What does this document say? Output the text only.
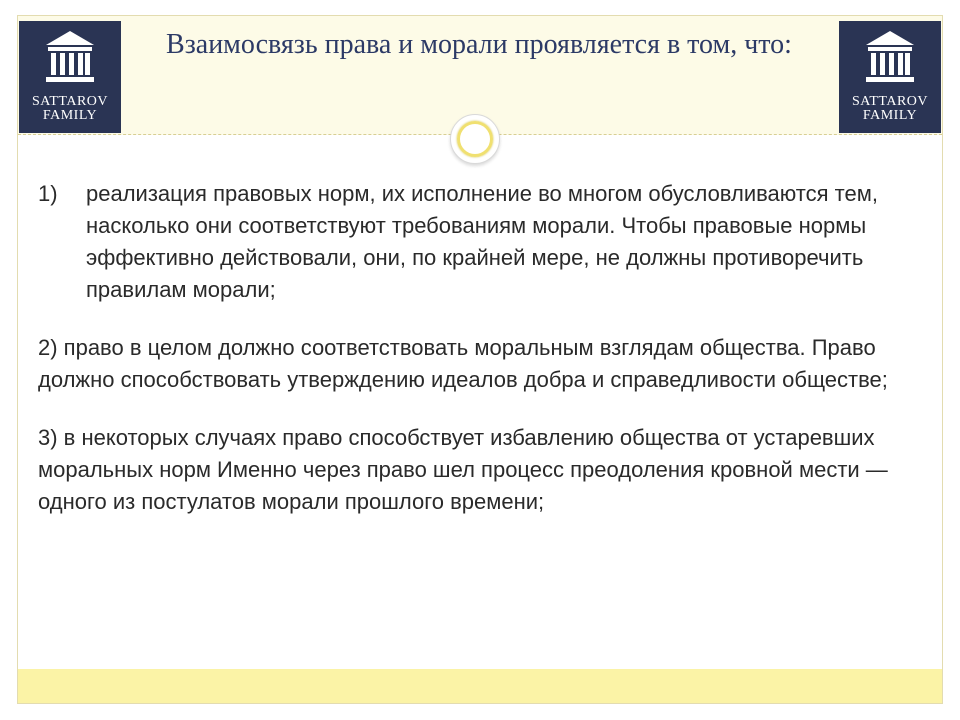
SATTAROV
FAMILY
Взаимосвязь права и морали проявляется в том, что:
SATTAROV
FAMILY

1) реализация правовых норм, их исполнение во многом обусловливаются тем, насколько они соответствуют требованиям морали. Чтобы правовые нормы эффективно действовали, они, по крайней мере, не должны противоречить правилам морали;

2) право в целом должно соответствовать моральным взглядам общества. Право должно способствовать утверждению идеалов добра и справедливости обществе;

3) в некоторых случаях право способствует избавлению общества от устаревших моральных норм Именно через право шел процесс преодоления кровной мести — одного из постулатов морали прошлого времени;
